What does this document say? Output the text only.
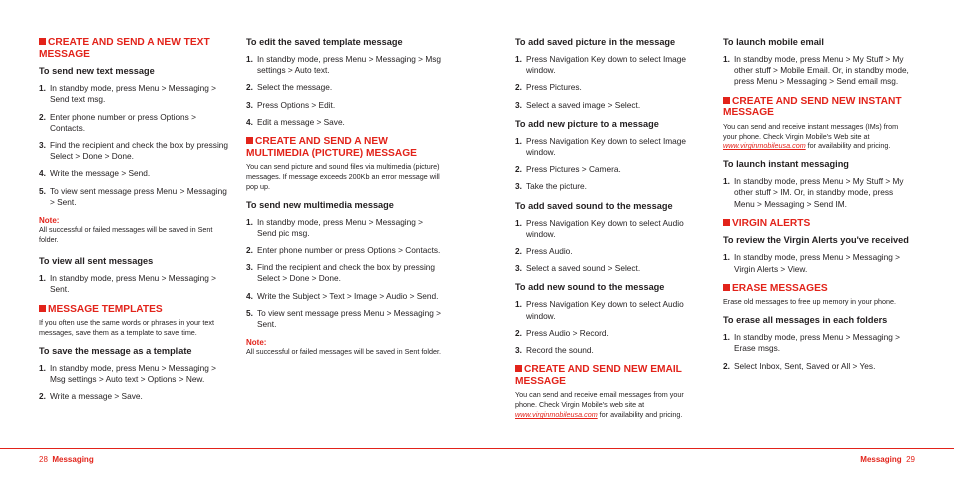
CREATE AND SEND A NEW TEXT MESSAGE
To send new text message
1. In standby mode, press Menu > Messaging > Send text msg.
2. Enter phone number or press Options > Contacts.
3. Find the recipient and check the box by pressing Select > Done > Done.
4. Write the message > Send.
5. To view sent message press Menu > Messaging > Sent.
Note:
All successful or failed messages will be saved in Sent folder.
To view all sent messages
1. In standby mode, press Menu > Messaging > Sent.
MESSAGE TEMPLATES
If you often use the same words or phrases in your text messages, save them as a template to save time.
To save the message as a template
1. In standby mode, press Menu > Messaging > Msg settings > Auto text > Options > New.
2. Write a message > Save.
To edit the saved template message
1. In standby mode, press Menu > Messaging > Msg settings > Auto text.
2. Select the message.
3. Press Options > Edit.
4. Edit a message > Save.
CREATE AND SEND A NEW MULTIMEDIA (PICTURE) MESSAGE
You can send picture and sound files via multimedia (picture) messages. If message exceeds 200Kb an error message will pop up.
To send new multimedia message
1. In standby mode, press Menu > Messaging > Send pic msg.
2. Enter phone number or press Options > Contacts.
3. Find the recipient and check the box by pressing Select > Done > Done.
4. Write the Subject > Text > Image > Audio > Send.
5. To view sent message press Menu > Messaging > Sent.
Note:
All successful or failed messages will be saved in Sent folder.
28 Messaging
To add saved picture in the message
1. Press Navigation Key down to select Image window.
2. Press Pictures.
3. Select a saved image > Select.
To add new picture to a message
1. Press Navigation Key down to select Image window.
2. Press Pictures > Camera.
3. Take the picture.
To add saved sound to the message
1. Press Navigation Key down to select Audio window.
2. Press Audio.
3. Select a saved sound > Select.
To add new sound to the message
1. Press Navigation Key down to select Audio window.
2. Press Audio > Record.
3. Record the sound.
CREATE AND SEND NEW EMAIL MESSAGE
You can send and receive email messages from your phone. Check Virgin Mobile's web site at www.virginmobileusa.com for availability and pricing.
To launch mobile email
1. In standby mode, press Menu > My Stuff > My other stuff > Mobile Email. Or, in standby mode, press Menu > Messaging > Send email msg.
CREATE AND SEND NEW INSTANT MESSAGE
You can send and receive instant messages (IMs) from your phone. Check Virgin Mobile's Web site at www.virginmobileusa.com for availability and pricing.
To launch instant messaging
1. In standby mode, press Menu > My Stuff > My other stuff > IM. Or, in standby mode, press Menu > Messaging > Send IM.
VIRGIN ALERTS
To review the Virgin Alerts you've received
1. In standby mode, press Menu > Messaging > Virgin Alerts > View.
ERASE MESSAGES
Erase old messages to free up memory in your phone.
To erase all messages in each folders
1. In standby mode, press Menu > Messaging > Erase msgs.
2. Select Inbox, Sent, Saved or All > Yes.
Messaging 29
